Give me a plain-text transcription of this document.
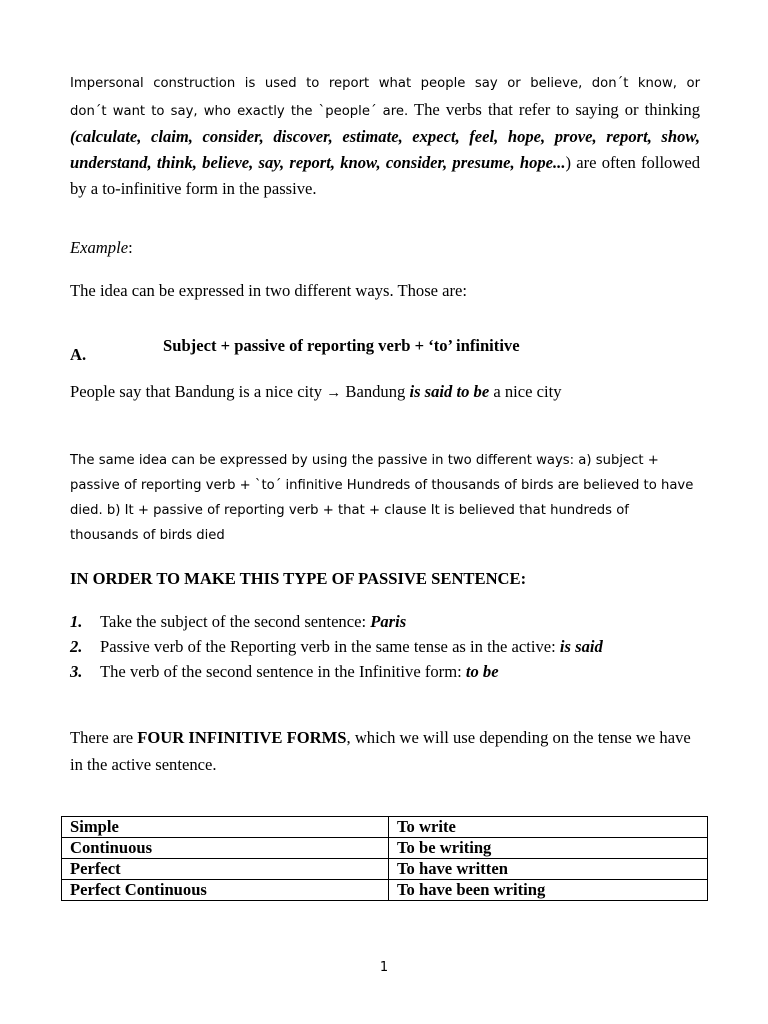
Impersonal construction is used to report what people say or believe, don´t know, or

don´t want to say, who exactly the `people´ are. The verbs that refer to saying or thinking (calculate, claim, consider, discover, estimate, expect, feel, hope, prove, report, show, understand, think, believe, say, report, know, consider, presume, hope...) are often followed by a to-infinitive form in the passive.

Example:

The idea can be expressed in two different ways. Those are:

A.	Subject + passive of reporting verb + ‘to’ infinitive

People say that Bandung is a nice city → Bandung is said to be a nice city

The same idea can be expressed by using the passive in two different ways: a) subject + passive of reporting verb + `to´ infinitive Hundreds of thousands of birds are believed to have died. b) It + passive of reporting verb + that + clause It is believed that hundreds of thousands of birds died

IN ORDER TO MAKE THIS TYPE OF PASSIVE SENTENCE:

1. Take the subject of the second sentence: Paris
2. Passive verb of the Reporting verb in the same tense as in the active: is said
3. The verb of the second sentence in the Infinitive form: to be

There are FOUR INFINITIVE FORMS, which we will use depending on the tense we have
in the active sentence.

Simple	To write
Continuous	To be writing
Perfect	To have written
Perfect Continuous	To have been writing
1
